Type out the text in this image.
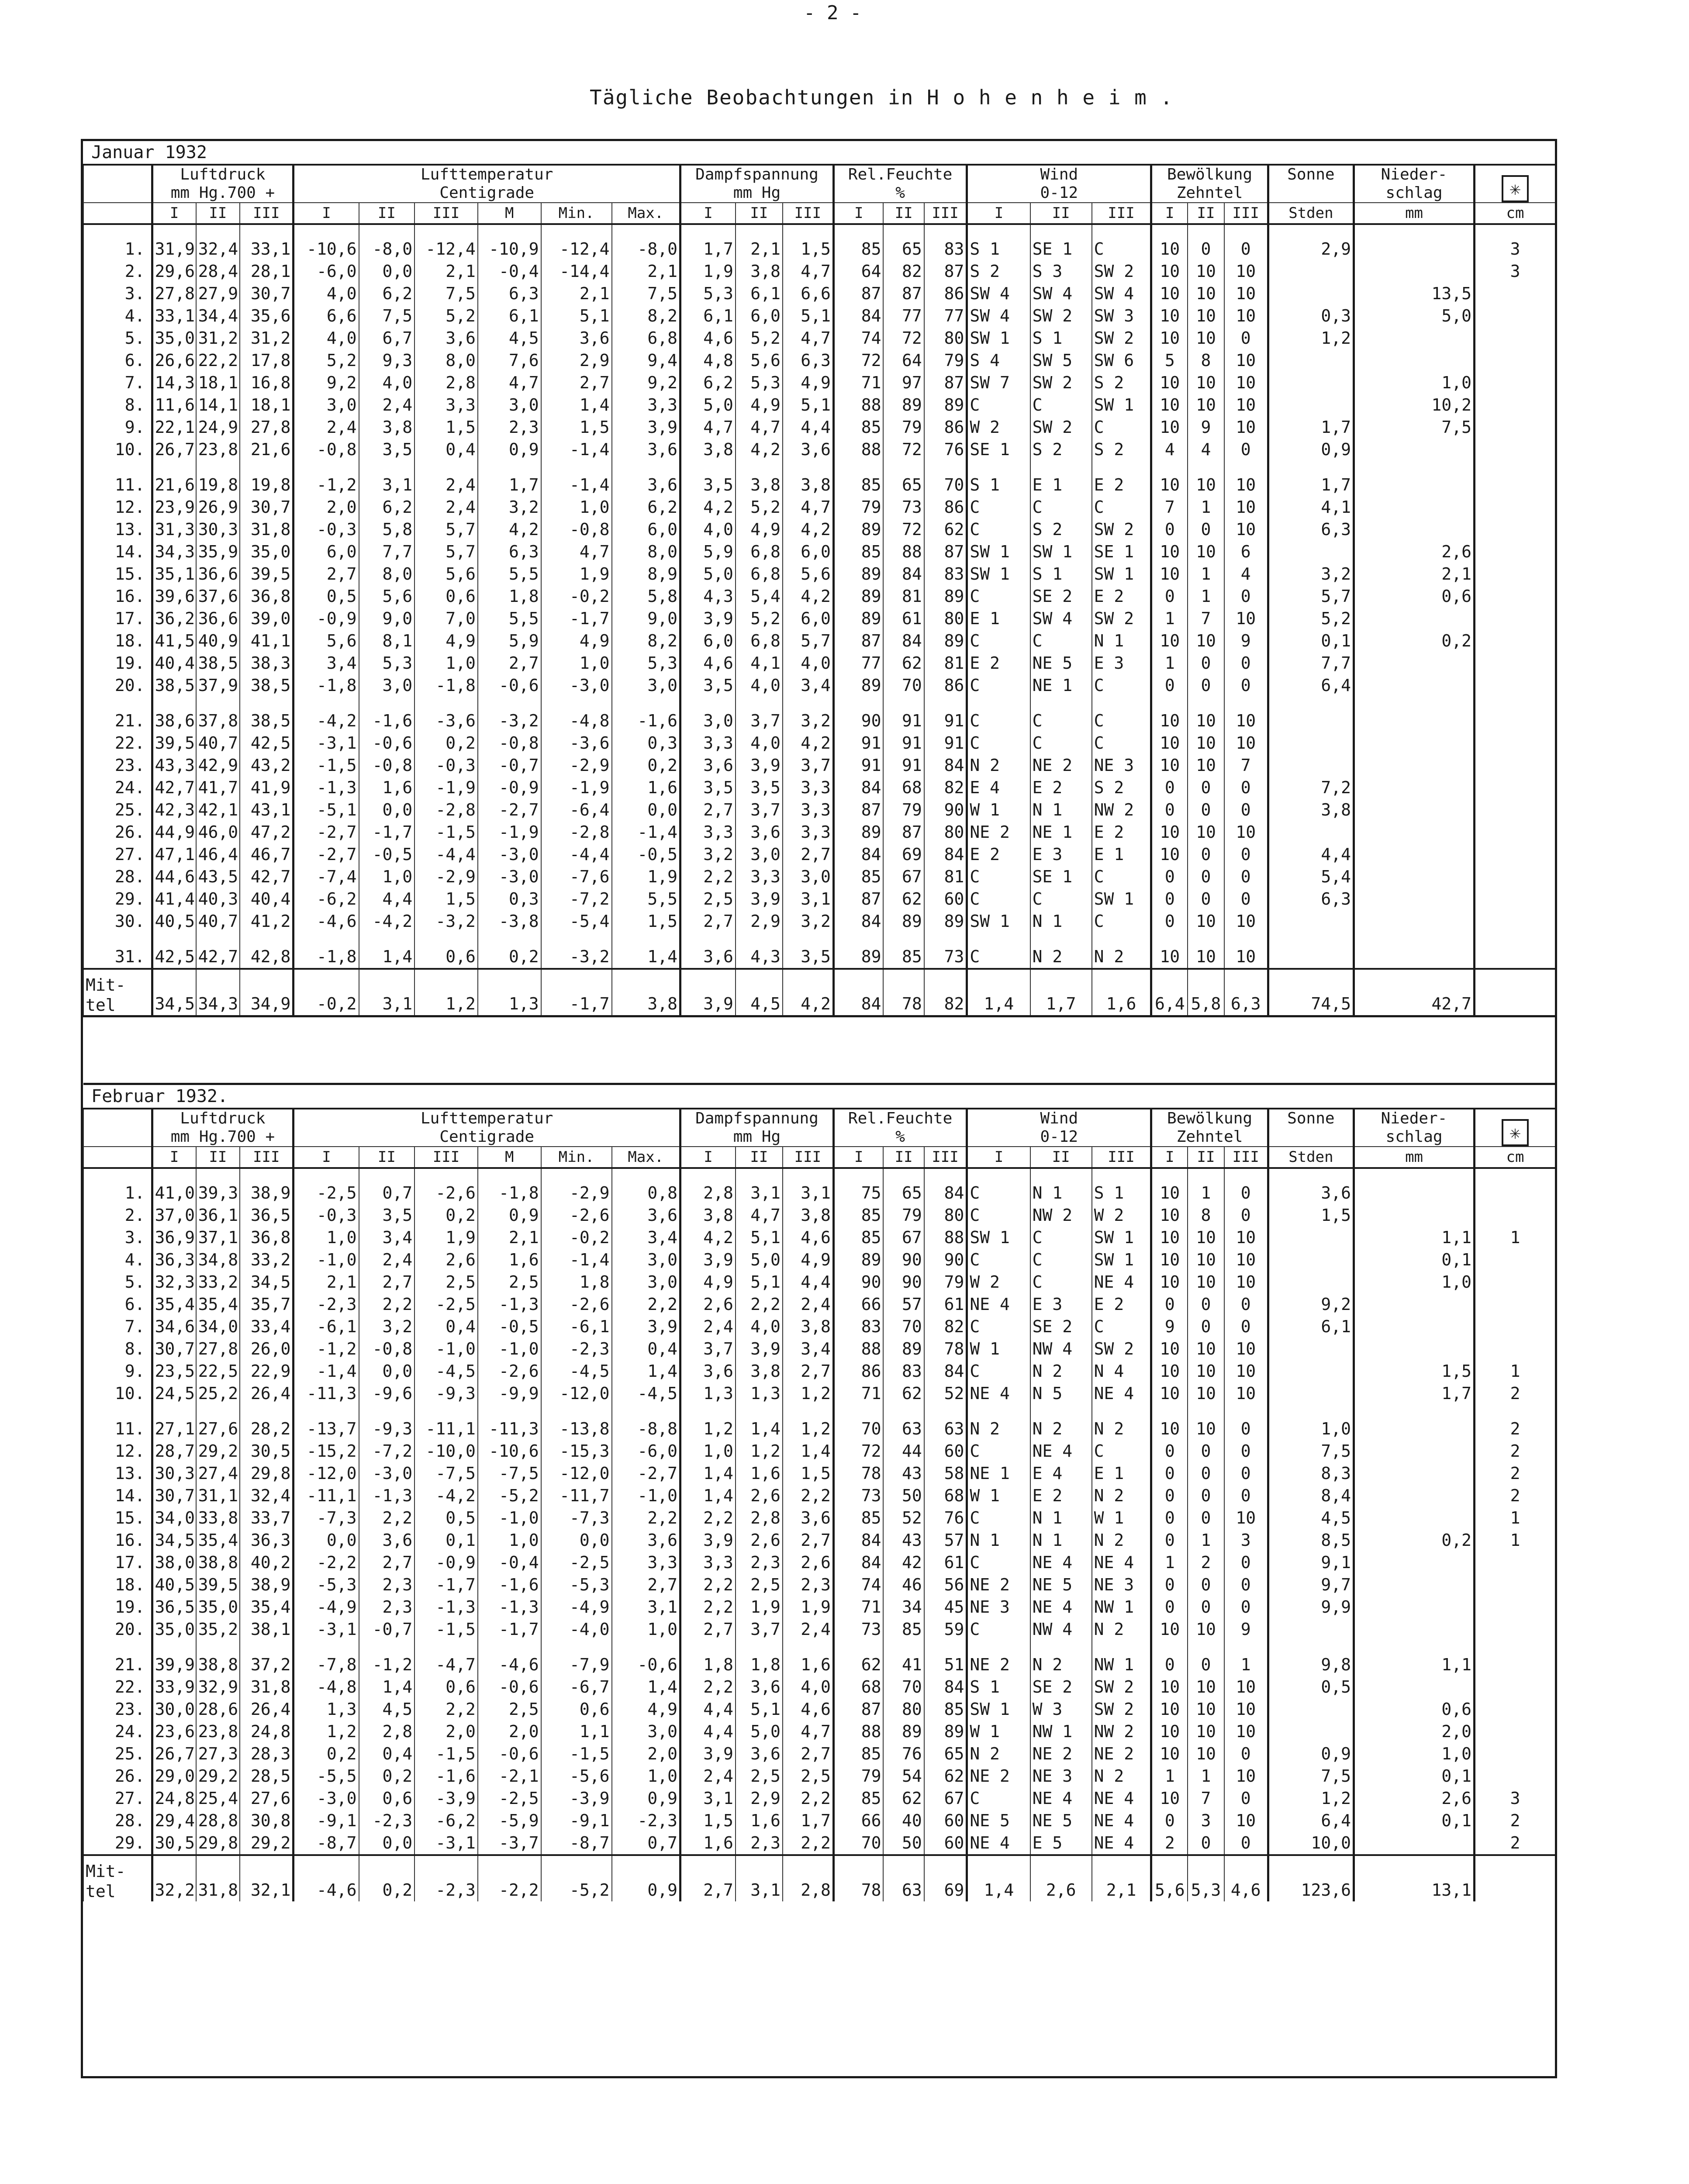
- 2 -
Tägliche Beobachtungen in H o h e n h e i m .
Januar 1932																								
	Luftdruck			Lufttemperatur						Dampfspannung			Rel.Feuchte			Wind			Bewölkung			Sonne	Nieder-	✳
	mm Hg.700 +			Centigrade						mm Hg			%			0-12			Zehntel				schlag	
	I	II	III	I	II	III	M	Min.	Max.	I	II	III	I	II	III	I	II	III	I	II	III	Stden	mm	cm

1.	31,9	32,4	33,1	-10,6	-8,0	-12,4	-10,9	-12,4	-8,0	1,7	2,1	1,5	85	65	83	S 1	SE 1	C	10	0	0	2,9		3
2.	29,6	28,4	28,1	-6,0	0,0	2,1	-0,4	-14,4	2,1	1,9	3,8	4,7	64	82	87	S 2	S 3	SW 2	10	10	10			3
3.	27,8	27,9	30,7	4,0	6,2	7,5	6,3	2,1	7,5	5,3	6,1	6,6	87	87	86	SW 4	SW 4	SW 4	10	10	10		13,5	
4.	33,1	34,4	35,6	6,6	7,5	5,2	6,1	5,1	8,2	6,1	6,0	5,1	84	77	77	SW 4	SW 2	SW 3	10	10	10	0,3	5,0	
5.	35,0	31,2	31,2	4,0	6,7	3,6	4,5	3,6	6,8	4,6	5,2	4,7	74	72	80	SW 1	S 1	SW 2	10	10	0	1,2		
6.	26,6	22,2	17,8	5,2	9,3	8,0	7,6	2,9	9,4	4,8	5,6	6,3	72	64	79	S 4	SW 5	SW 6	5	8	10			
7.	14,3	18,1	16,8	9,2	4,0	2,8	4,7	2,7	9,2	6,2	5,3	4,9	71	97	87	SW 7	SW 2	S 2	10	10	10		1,0	
8.	11,6	14,1	18,1	3,0	2,4	3,3	3,0	1,4	3,3	5,0	4,9	5,1	88	89	89	C	C	SW 1	10	10	10		10,2	
9.	22,1	24,9	27,8	2,4	3,8	1,5	2,3	1,5	3,9	4,7	4,7	4,4	85	79	86	W 2	SW 2	C	10	9	10	1,7	7,5	
10.	26,7	23,8	21,6	-0,8	3,5	0,4	0,9	-1,4	3,6	3,8	4,2	3,6	88	72	76	SE 1	S 2	S 2	4	4	0	0,9		

11.	21,6	19,8	19,8	-1,2	3,1	2,4	1,7	-1,4	3,6	3,5	3,8	3,8	85	65	70	S 1	E 1	E 2	10	10	10	1,7		
12.	23,9	26,9	30,7	2,0	6,2	2,4	3,2	1,0	6,2	4,2	5,2	4,7	79	73	86	C	C	C	7	1	10	4,1		
13.	31,3	30,3	31,8	-0,3	5,8	5,7	4,2	-0,8	6,0	4,0	4,9	4,2	89	72	62	C	S 2	SW 2	0	0	10	6,3		
14.	34,3	35,9	35,0	6,0	7,7	5,7	6,3	4,7	8,0	5,9	6,8	6,0	85	88	87	SW 1	SW 1	SE 1	10	10	6		2,6	
15.	35,1	36,6	39,5	2,7	8,0	5,6	5,5	1,9	8,9	5,0	6,8	5,6	89	84	83	SW 1	S 1	SW 1	10	1	4	3,2	2,1	
16.	39,6	37,6	36,8	0,5	5,6	0,6	1,8	-0,2	5,8	4,3	5,4	4,2	89	81	89	C	SE 2	E 2	0	1	0	5,7	0,6	
17.	36,2	36,6	39,0	-0,9	9,0	7,0	5,5	-1,7	9,0	3,9	5,2	6,0	89	61	80	E 1	SW 4	SW 2	1	7	10	5,2		
18.	41,5	40,9	41,1	5,6	8,1	4,9	5,9	4,9	8,2	6,0	6,8	5,7	87	84	89	C	C	N 1	10	10	9	0,1	0,2	
19.	40,4	38,5	38,3	3,4	5,3	1,0	2,7	1,0	5,3	4,6	4,1	4,0	77	62	81	E 2	NE 5	E 3	1	0	0	7,7		
20.	38,5	37,9	38,5	-1,8	3,0	-1,8	-0,6	-3,0	3,0	3,5	4,0	3,4	89	70	86	C	NE 1	C	0	0	0	6,4		

21.	38,6	37,8	38,5	-4,2	-1,6	-3,6	-3,2	-4,8	-1,6	3,0	3,7	3,2	90	91	91	C	C	C	10	10	10			
22.	39,5	40,7	42,5	-3,1	-0,6	0,2	-0,8	-3,6	0,3	3,3	4,0	4,2	91	91	91	C	C	C	10	10	10			
23.	43,3	42,9	43,2	-1,5	-0,8	-0,3	-0,7	-2,9	0,2	3,6	3,9	3,7	91	91	84	N 2	NE 2	NE 3	10	10	7			
24.	42,7	41,7	41,9	-1,3	1,6	-1,9	-0,9	-1,9	1,6	3,5	3,5	3,3	84	68	82	E 4	E 2	S 2	0	0	0	7,2		
25.	42,3	42,1	43,1	-5,1	0,0	-2,8	-2,7	-6,4	0,0	2,7	3,7	3,3	87	79	90	W 1	N 1	NW 2	0	0	0	3,8		
26.	44,9	46,0	47,2	-2,7	-1,7	-1,5	-1,9	-2,8	-1,4	3,3	3,6	3,3	89	87	80	NE 2	NE 1	E 2	10	10	10			
27.	47,1	46,4	46,7	-2,7	-0,5	-4,4	-3,0	-4,4	-0,5	3,2	3,0	2,7	84	69	84	E 2	E 3	E 1	10	0	0	4,4		
28.	44,6	43,5	42,7	-7,4	1,0	-2,9	-3,0	-7,6	1,9	2,2	3,3	3,0	85	67	81	C	SE 1	C	0	0	0	5,4		
29.	41,4	40,3	40,4	-6,2	4,4	1,5	0,3	-7,2	5,5	2,5	3,9	3,1	87	62	60	C	C	SW 1	0	0	0	6,3		
30.	40,5	40,7	41,2	-4,6	-4,2	-3,2	-3,8	-5,4	1,5	2,7	2,9	3,2	84	89	89	SW 1	N 1	C	0	10	10			

31.	42,5	42,7	42,8	-1,8	1,4	0,6	0,2	-3,2	1,4	3,6	4,3	3,5	89	85	73	C	N 2	N 2	10	10	10			

Mit-
tel	34,5	34,3	34,9	-0,2	3,1	1,2	1,3	-1,7	3,8	3,9	4,5	4,2	84	78	82	1,4	1,7	1,6	6,4	5,8	6,3	74,5	42,7	

Februar 1932.																								
	Luftdruck			Lufttemperatur						Dampfspannung			Rel.Feuchte			Wind			Bewölkung			Sonne	Nieder-	✳
	mm Hg.700 +			Centigrade						mm Hg			%			0-12			Zehntel				schlag	
	I	II	III	I	II	III	M	Min.	Max.	I	II	III	I	II	III	I	II	III	I	II	III	Stden	mm	cm

1.	41,0	39,3	38,9	-2,5	0,7	-2,6	-1,8	-2,9	0,8	2,8	3,1	3,1	75	65	84	C	N 1	S 1	10	1	0	3,6		
2.	37,0	36,1	36,5	-0,3	3,5	0,2	0,9	-2,6	3,6	3,8	4,7	3,8	85	79	80	C	NW 2	W 2	10	8	0	1,5		
3.	36,9	37,1	36,8	1,0	3,4	1,9	2,1	-0,2	3,4	4,2	5,1	4,6	85	67	88	SW 1	C	SW 1	10	10	10		1,1	1
4.	36,3	34,8	33,2	-1,0	2,4	2,6	1,6	-1,4	3,0	3,9	5,0	4,9	89	90	90	C	C	SW 1	10	10	10		0,1	
5.	32,3	33,2	34,5	2,1	2,7	2,5	2,5	1,8	3,0	4,9	5,1	4,4	90	90	79	W 2	C	NE 4	10	10	10		1,0	
6.	35,4	35,4	35,7	-2,3	2,2	-2,5	-1,3	-2,6	2,2	2,6	2,2	2,4	66	57	61	NE 4	E 3	E 2	0	0	0	9,2		
7.	34,6	34,0	33,4	-6,1	3,2	0,4	-0,5	-6,1	3,9	2,4	4,0	3,8	83	70	82	C	SE 2	C	9	0	0	6,1		
8.	30,7	27,8	26,0	-1,2	-0,8	-1,0	-1,0	-2,3	0,4	3,7	3,9	3,4	88	89	78	W 1	NW 4	SW 2	10	10	10			
9.	23,5	22,5	22,9	-1,4	0,0	-4,5	-2,6	-4,5	1,4	3,6	3,8	2,7	86	83	84	C	N 2	N 4	10	10	10		1,5	1
10.	24,5	25,2	26,4	-11,3	-9,6	-9,3	-9,9	-12,0	-4,5	1,3	1,3	1,2	71	62	52	NE 4	N 5	NE 4	10	10	10		1,7	2

11.	27,1	27,6	28,2	-13,7	-9,3	-11,1	-11,3	-13,8	-8,8	1,2	1,4	1,2	70	63	63	N 2	N 2	N 2	10	10	0	1,0		2
12.	28,7	29,2	30,5	-15,2	-7,2	-10,0	-10,6	-15,3	-6,0	1,0	1,2	1,4	72	44	60	C	NE 4	C	0	0	0	7,5		2
13.	30,3	27,4	29,8	-12,0	-3,0	-7,5	-7,5	-12,0	-2,7	1,4	1,6	1,5	78	43	58	NE 1	E 4	E 1	0	0	0	8,3		2
14.	30,7	31,1	32,4	-11,1	-1,3	-4,2	-5,2	-11,7	-1,0	1,4	2,6	2,2	73	50	68	W 1	E 2	N 2	0	0	0	8,4		2
15.	34,0	33,8	33,7	-7,3	2,2	0,5	-1,0	-7,3	2,2	2,2	2,8	3,6	85	52	76	C	N 1	W 1	0	0	10	4,5		1
16.	34,5	35,4	36,3	0,0	3,6	0,1	1,0	0,0	3,6	3,9	2,6	2,7	84	43	57	N 1	N 1	N 2	0	1	3	8,5	0,2	1
17.	38,0	38,8	40,2	-2,2	2,7	-0,9	-0,4	-2,5	3,3	3,3	2,3	2,6	84	42	61	C	NE 4	NE 4	1	2	0	9,1		
18.	40,5	39,5	38,9	-5,3	2,3	-1,7	-1,6	-5,3	2,7	2,2	2,5	2,3	74	46	56	NE 2	NE 5	NE 3	0	0	0	9,7		
19.	36,5	35,0	35,4	-4,9	2,3	-1,3	-1,3	-4,9	3,1	2,2	1,9	1,9	71	34	45	NE 3	NE 4	NW 1	0	0	0	9,9		
20.	35,0	35,2	38,1	-3,1	-0,7	-1,5	-1,7	-4,0	1,0	2,7	3,7	2,4	73	85	59	C	NW 4	N 2	10	10	9			

21.	39,9	38,8	37,2	-7,8	-1,2	-4,7	-4,6	-7,9	-0,6	1,8	1,8	1,6	62	41	51	NE 2	N 2	NW 1	0	0	1	9,8	1,1	
22.	33,9	32,9	31,8	-4,8	1,4	0,6	-0,6	-6,7	1,4	2,2	3,6	4,0	68	70	84	S 1	SE 2	SW 2	10	10	10	0,5		
23.	30,0	28,6	26,4	1,3	4,5	2,2	2,5	0,6	4,9	4,4	5,1	4,6	87	80	85	SW 1	W 3	SW 2	10	10	10		0,6	
24.	23,6	23,8	24,8	1,2	2,8	2,0	2,0	1,1	3,0	4,4	5,0	4,7	88	89	89	W 1	NW 1	NW 2	10	10	10		2,0	
25.	26,7	27,3	28,3	0,2	0,4	-1,5	-0,6	-1,5	2,0	3,9	3,6	2,7	85	76	65	N 2	NE 2	NE 2	10	10	0	0,9	1,0	
26.	29,0	29,2	28,5	-5,5	0,2	-1,6	-2,1	-5,6	1,0	2,4	2,5	2,5	79	54	62	NE 2	NE 3	N 2	1	1	10	7,5	0,1	
27.	24,8	25,4	27,6	-3,0	0,6	-3,9	-2,5	-3,9	0,9	3,1	2,9	2,2	85	62	67	C	NE 4	NE 4	10	7	0	1,2	2,6	3
28.	29,4	28,8	30,8	-9,1	-2,3	-6,2	-5,9	-9,1	-2,3	1,5	1,6	1,7	66	40	60	NE 5	NE 5	NE 4	0	3	10	6,4	0,1	2
29.	30,5	29,8	29,2	-8,7	0,0	-3,1	-3,7	-8,7	0,7	1,6	2,3	2,2	70	50	60	NE 4	E 5	NE 4	2	0	0	10,0		2

Mit-
tel	32,2	31,8	32,1	-4,6	0,2	-2,3	-2,2	-5,2	0,9	2,7	3,1	2,8	78	63	69	1,4	2,6	2,1	5,6	5,3	4,6	123,6	13,1	
